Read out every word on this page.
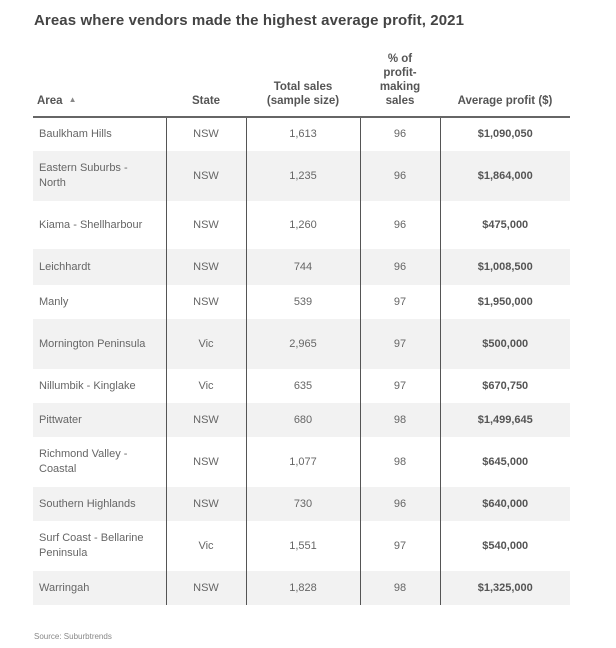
Areas where vendors made the highest average profit, 2021
Area ▲	State	Total sales (sample size)	% of profit-making sales	Average profit ($)
Baulkham Hills	NSW	1,613	96	$1,090,050
Eastern Suburbs - North	NSW	1,235	96	$1,864,000
Kiama - Shellharbour	NSW	1,260	96	$475,000
Leichhardt	NSW	744	96	$1,008,500
Manly	NSW	539	97	$1,950,000
Mornington Peninsula	Vic	2,965	97	$500,000
Nillumbik - Kinglake	Vic	635	97	$670,750
Pittwater	NSW	680	98	$1,499,645
Richmond Valley - Coastal	NSW	1,077	98	$645,000
Southern Highlands	NSW	730	96	$640,000
Surf Coast - Bellarine Peninsula	Vic	1,551	97	$540,000
Warringah	NSW	1,828	98	$1,325,000
Source: Suburbtrends
